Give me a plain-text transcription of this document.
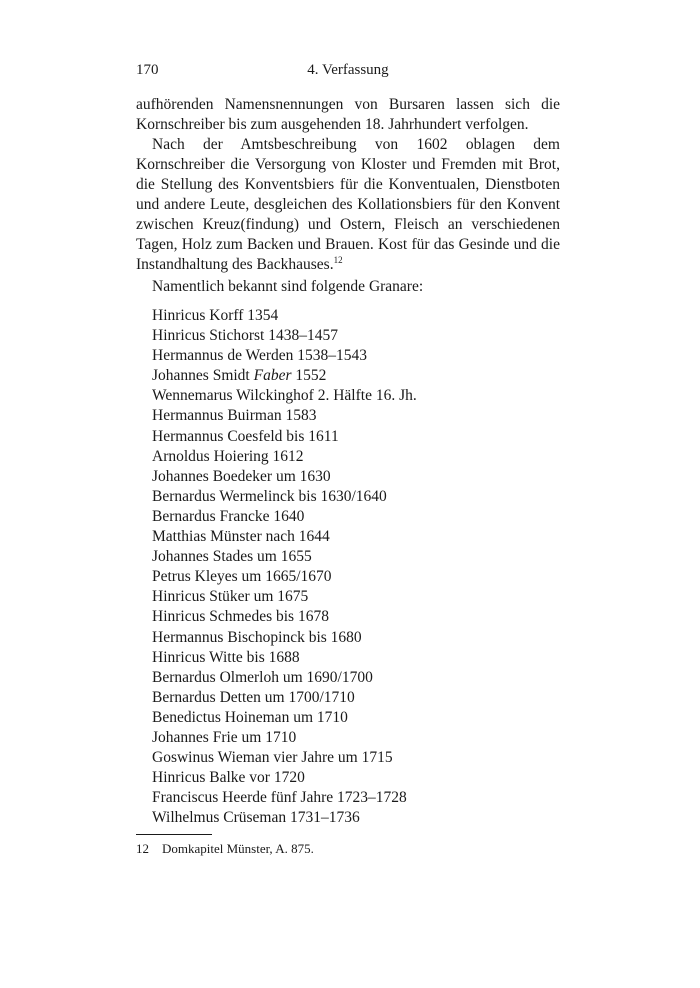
170	4. Verfassung

aufhörenden Namensnennungen von Bursaren lassen sich die Kornschreiber bis zum ausgehenden 18. Jahrhundert verfolgen.

Nach der Amtsbeschreibung von 1602 oblagen dem Kornschreiber die Versorgung von Kloster und Fremden mit Brot, die Stellung des Konventsbiers für die Konventualen, Dienstboten und andere Leute, desgleichen des Kollationsbiers für den Konvent zwischen Kreuz(findung) und Ostern, Fleisch an verschiedenen Tagen, Holz zum Backen und Brauen. Kost für das Gesinde und die Instandhaltung des Backhauses.$^{12}$

Namentlich bekannt sind folgende Granare:
Hinricus Korff 1354
Hinricus Stichorst 1438–1457
Hermannus de Werden 1538–1543
Johannes Smidt Faber 1552
Wennemarus Wilckinghof 2. Hälfte 16. Jh.
Hermannus Buirman 1583
Hermannus Coesfeld bis 1611
Arnoldus Hoiering 1612
Johannes Boedeker um 1630
Bernardus Wermelinck bis 1630/1640
Bernardus Francke 1640
Matthias Münster nach 1644
Johannes Stades um 1655
Petrus Kleyes um 1665/1670
Hinricus Stüker um 1675
Hinricus Schmedes bis 1678
Hermannus Bischopinck bis 1680
Hinricus Witte bis 1688
Bernardus Olmerloh um 1690/1700
Bernardus Detten um 1700/1710
Benedictus Hoineman um 1710
Johannes Frie um 1710
Goswinus Wieman vier Jahre um 1715
Hinricus Balke vor 1720
Franciscus Heerde fünf Jahre 1723–1728
Wilhelmus Crüseman 1731–1736
12 Domkapitel Münster, A. 875.
